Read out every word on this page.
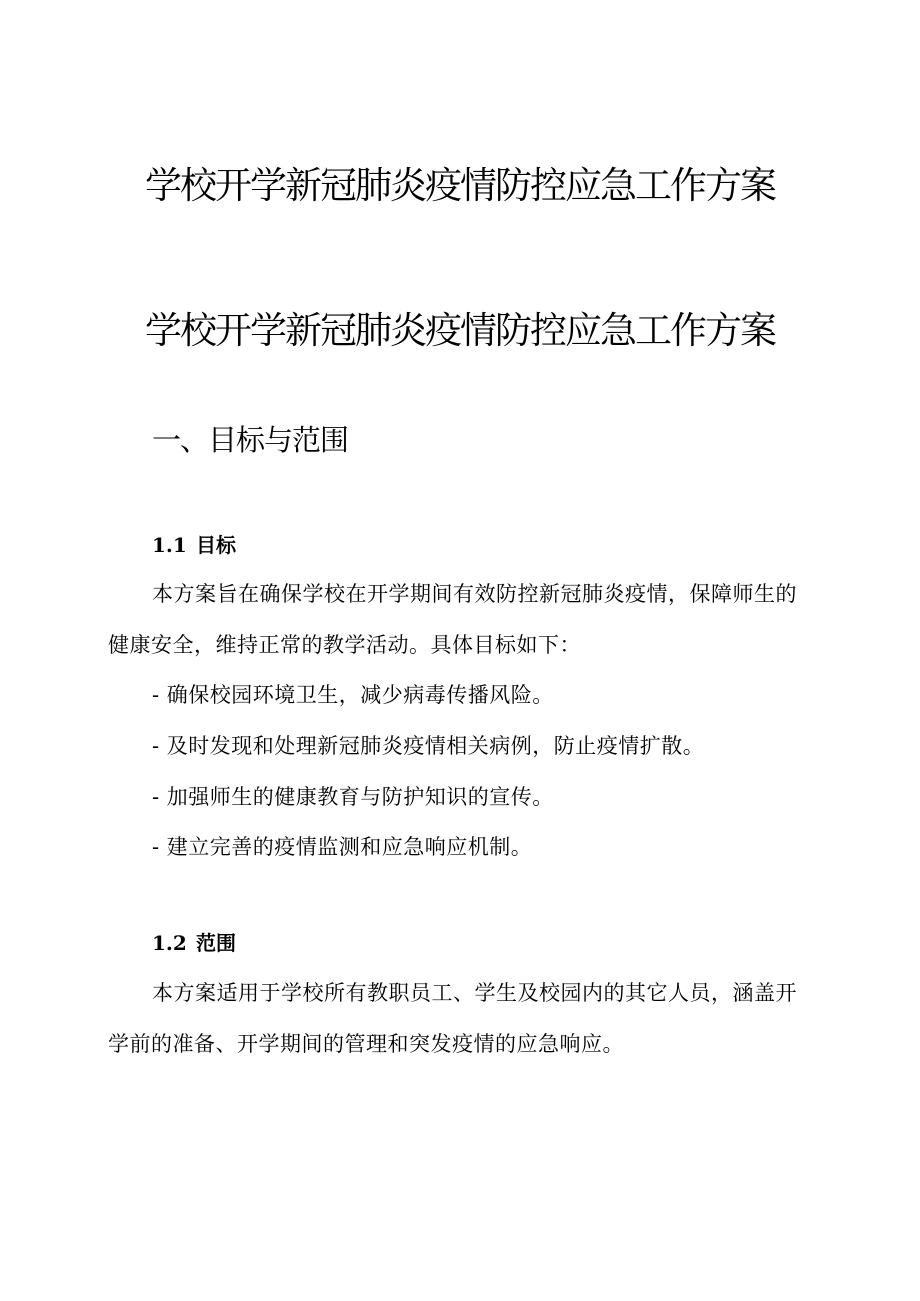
学校开学新冠肺炎疫情防控应急工作方案
学校开学新冠肺炎疫情防控应急工作方案
一、目标与范围
1.1 目标
本方案旨在确保学校在开学期间有效防控新冠肺炎疫情，保障师生的健康安全，维持正常的教学活动。具体目标如下：
- 确保校园环境卫生，减少病毒传播风险。
- 及时发现和处理新冠肺炎疫情相关病例，防止疫情扩散。
- 加强师生的健康教育与防护知识的宣传。
- 建立完善的疫情监测和应急响应机制。
1.2 范围
本方案适用于学校所有教职员工、学生及校园内的其它人员，涵盖开学前的准备、开学期间的管理和突发疫情的应急响应。
